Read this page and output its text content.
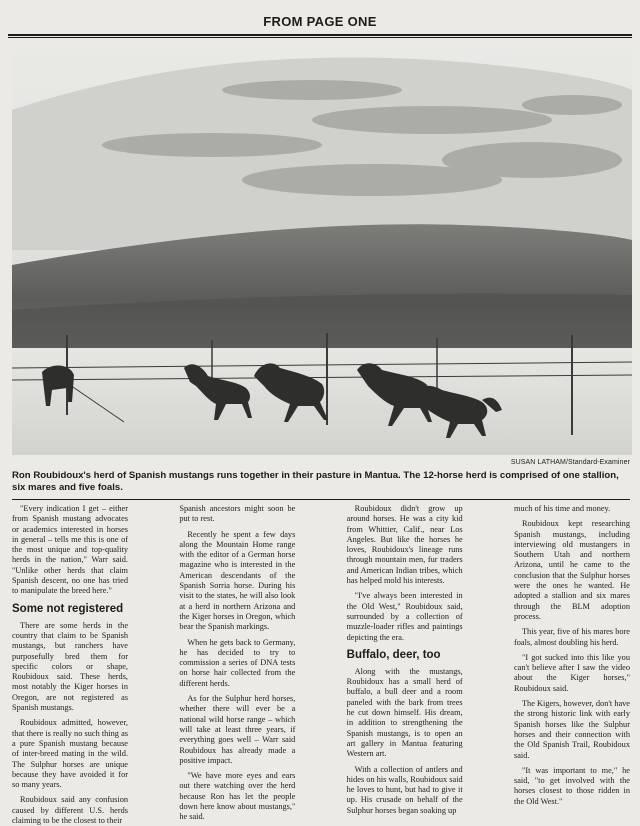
FROM PAGE ONE
SUSAN LATHAM/Standard-Examiner
Ron Roubidoux's herd of Spanish mustangs runs together in their pasture in Mantua. The 12-horse herd is comprised of one stallion, six mares and five foals.

"Every indication I get – either from Spanish mustang advocates or academics interested in horses in general – tells me this is one of the most unique and top-quality herds in the nation," Warr said. "Unlike other herds that claim Spanish descent, no one has tried to manipulate the breed here."

Some not registered

There are some herds in the country that claim to be Spanish mustangs, but ranchers have purposefully bred them for specific colors or shape, Roubidoux said. These herds, most notably the Kiger horses in Oregon, are not registered as Spanish mustangs.

Roubidoux admitted, however, that there is really no such thing as a pure Spanish mustang because of inter-breed mating in the wild. The Sulphur horses are unique because they have avoided it for so many years.

Roubidoux said any confusion caused by different U.S. herds claiming to be the closest to their

Spanish ancestors might soon be put to rest.

Recently he spent a few days along the Mountain Home range with the editor of a German horse magazine who is interested in the American descendants of the Spanish Sorria horse. During his visit to the states, he will also look at a herd in northern Arizona and the Kiger horses in Oregon, which bear the Spanish markings.

When he gets back to Germany, he has decided to try to commission a series of DNA tests on horse hair collected from the different herds.

As for the Sulphur herd horses, whether there will ever be a national wild horse range – which will take at least three years, if everything goes well – Warr said Roubidoux has already made a positive impact.

"We have more eyes and ears out there watching over the herd because Ron has let the people down here know about mustangs," he said.

Roubidoux didn't grow up around horses. He was a city kid from Whittier, Calif., near Los Angeles. But like the horses he loves, Roubidoux's lineage runs through mountain men, fur traders and American Indian tribes, which has helped mold his interests.

"I've always been interested in the Old West," Roubidoux said, surrounded by a collection of muzzle-loader rifles and paintings depicting the era.

Buffalo, deer, too

Along with the mustangs, Roubidoux has a small herd of buffalo, a bull deer and a room paneled with the bark from trees he cut down himself. His dream, in addition to strengthening the Spanish mustangs, is to open an art gallery in Mantua featuring Western art.

With a collection of antlers and hides on his walls, Roubidoux said he loves to hunt, but had to give it up. His crusade on behalf of the Sulphur horses began soaking up

much of his time and money.

Roubidoux kept researching Spanish mustangs, including interviewing old mustangers in Southern Utah and northern Arizona, until he came to the conclusion that the Sulphur horses were the ones he wanted. He adopted a stallion and six mares through the BLM adoption process.

This year, five of his mares bore foals, almost doubling his herd.

"I got sucked into this like you can't believe after I saw the video about the Kiger horses," Roubidoux said.

The Kigers, however, don't have the strong historic link with early Spanish horses like the Sulphur horses and their connection with the Old Spanish Trail, Roubidoux said.

"It was important to me," he said, "to get involved with the horses closest to those ridden in the Old West."
